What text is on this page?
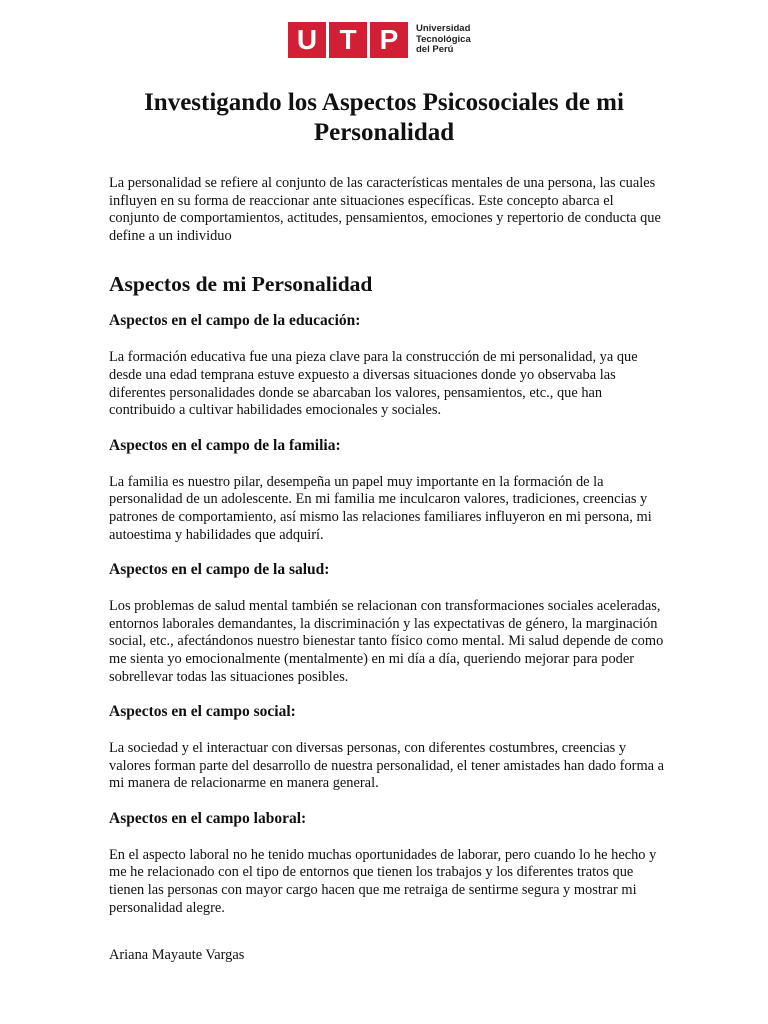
U T P	Universidad
Tecnológica
del Perú
Investigando los Aspectos Psicosociales de mi Personalidad

La personalidad se refiere al conjunto de las características mentales de una persona, las cuales influyen en su forma de reaccionar ante situaciones específicas. Este concepto abarca el conjunto de comportamientos, actitudes, pensamientos, emociones y repertorio de conducta que define a un individuo

Aspectos de mi Personalidad
Aspectos en el campo de la educación:

La formación educativa fue una pieza clave para la construcción de mi personalidad, ya que desde una edad temprana estuve expuesto a diversas situaciones donde yo observaba las diferentes personalidades donde se abarcaban los valores, pensamientos, etc., que han contribuido a cultivar habilidades emocionales y sociales.

Aspectos en el campo de la familia:

La familia es nuestro pilar, desempeña un papel muy importante en la formación de la personalidad de un adolescente. En mi familia me inculcaron valores, tradiciones, creencias y patrones de comportamiento, así mismo las relaciones familiares influyeron en mi persona, mi autoestima y habilidades que adquirí.

Aspectos en el campo de la salud:

Los problemas de salud mental también se relacionan con transformaciones sociales aceleradas, entornos laborales demandantes, la discriminación y las expectativas de género, la marginación social, etc., afectándonos nuestro bienestar tanto físico como mental. Mi salud depende de como me sienta yo emocionalmente (mentalmente) en mi día a día, queriendo mejorar para poder sobrellevar todas las situaciones posibles.

Aspectos en el campo social:

La sociedad y el interactuar con diversas personas, con diferentes costumbres, creencias y valores forman parte del desarrollo de nuestra personalidad, el tener amistades han dado forma a mi manera de relacionarme en manera general.

Aspectos en el campo laboral:

En el aspecto laboral no he tenido muchas oportunidades de laborar, pero cuando lo he hecho y me he relacionado con el tipo de entornos que tienen los trabajos y los diferentes tratos que tienen las personas con mayor cargo hacen que me retraiga de sentirme segura y mostrar mi personalidad alegre.

Ariana Mayaute Vargas
